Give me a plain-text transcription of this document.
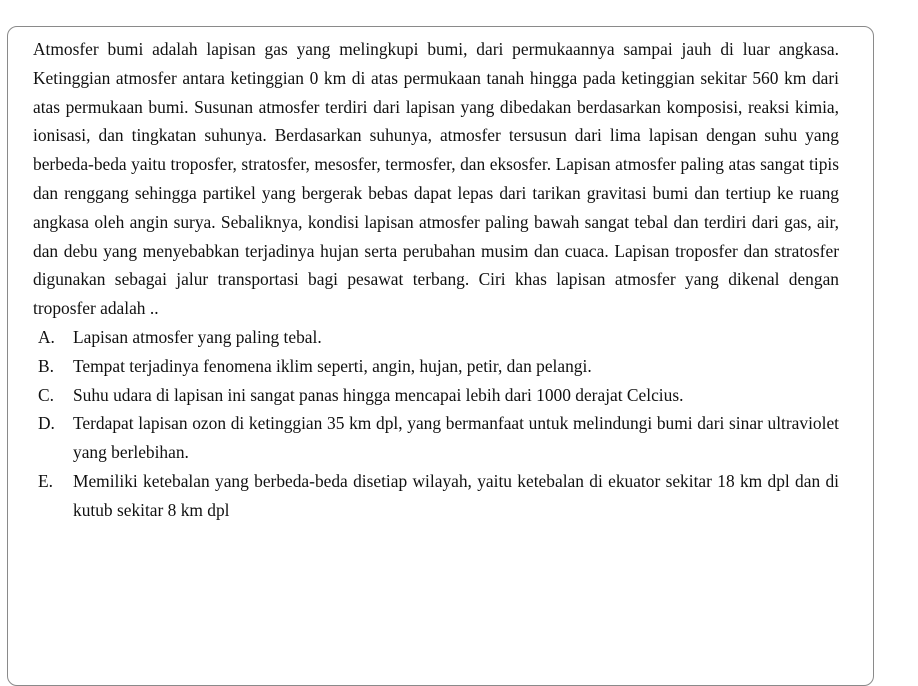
Atmosfer bumi adalah lapisan gas yang melingkupi bumi, dari permukaannya sampai jauh di luar angkasa. Ketinggian atmosfer antara ketinggian 0 km di atas permukaan tanah hingga pada ketinggian sekitar 560 km dari atas permukaan bumi. Susunan atmosfer terdiri dari lapisan yang dibedakan berdasarkan komposisi, reaksi kimia, ionisasi, dan tingkatan suhunya. Berdasarkan suhunya, atmosfer tersusun dari lima lapisan dengan suhu yang berbeda-beda yaitu troposfer, stratosfer, mesosfer, termosfer, dan eksosfer. Lapisan atmosfer paling atas sangat tipis dan renggang sehingga partikel yang bergerak bebas dapat lepas dari tarikan gravitasi bumi dan tertiup ke ruang angkasa oleh angin surya. Sebaliknya, kondisi lapisan atmosfer paling bawah sangat tebal dan terdiri dari gas, air, dan debu yang menyebabkan terjadinya hujan serta perubahan musim dan cuaca. Lapisan troposfer dan stratosfer digunakan sebagai jalur transportasi bagi pesawat terbang. Ciri khas lapisan atmosfer yang dikenal dengan troposfer adalah ..

A. Lapisan atmosfer yang paling tebal.
B. Tempat terjadinya fenomena iklim seperti, angin, hujan, petir, dan pelangi.
C. Suhu udara di lapisan ini sangat panas hingga mencapai lebih dari 1000 derajat Celcius.
D. Terdapat lapisan ozon di ketinggian 35 km dpl, yang bermanfaat untuk melindungi bumi dari sinar ultraviolet yang berlebihan.
E. Memiliki ketebalan yang berbeda-beda disetiap wilayah, yaitu ketebalan di ekuator sekitar 18 km dpl dan di kutub sekitar 8 km dpl
